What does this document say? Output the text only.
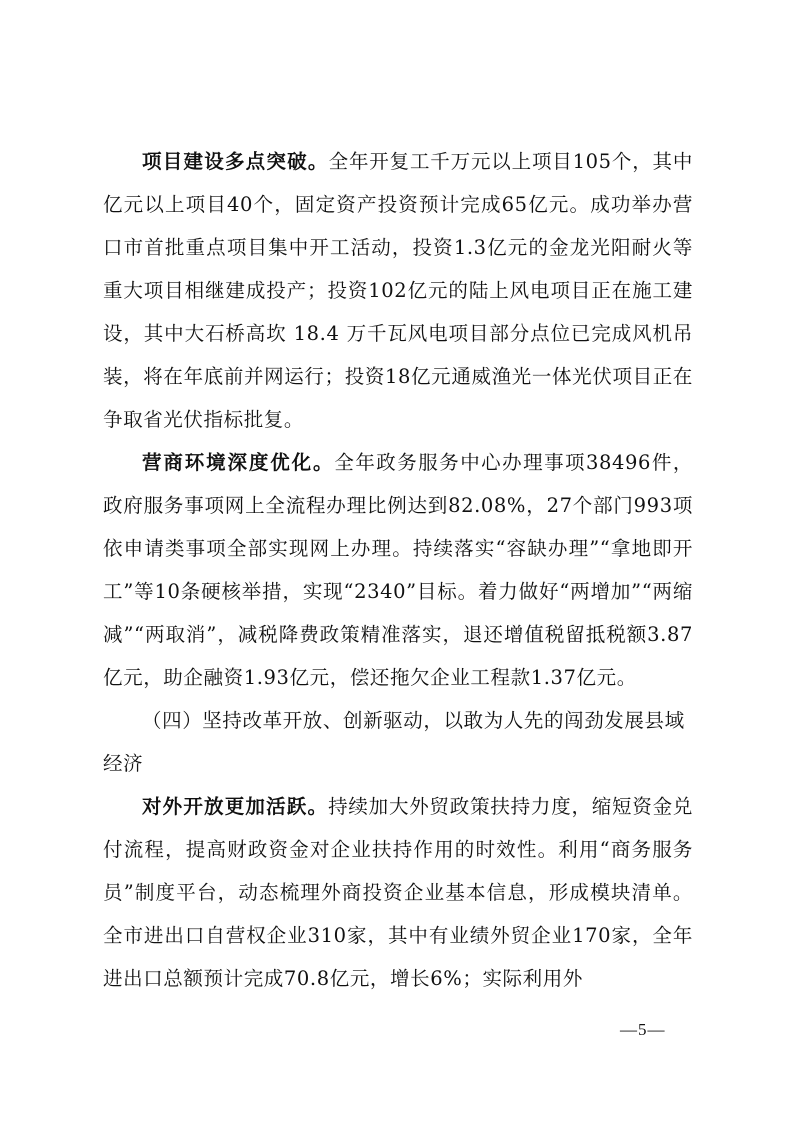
项目建设多点突破。全年开复工千万元以上项目105个，其中亿元以上项目40个，固定资产投资预计完成65亿元。成功举办营口市首批重点项目集中开工活动，投资1.3亿元的金龙光阳耐火等重大项目相继建成投产；投资102亿元的陆上风电项目正在施工建设，其中大石桥高坎 18.4 万千瓦风电项目部分点位已完成风机吊装，将在年底前并网运行；投资18亿元通威渔光一体光伏项目正在争取省光伏指标批复。

营商环境深度优化。全年政务服务中心办理事项38496件，政府服务事项网上全流程办理比例达到82.08%，27个部门993项依申请类事项全部实现网上办理。持续落实“容缺办理”“拿地即开工”等10条硬核举措，实现“2340”目标。着力做好“两增加”“两缩减”“两取消”，减税降费政策精准落实，退还增值税留抵税额3.87亿元，助企融资1.93亿元，偿还拖欠企业工程款1.37亿元。

（四）坚持改革开放、创新驱动，以敢为人先的闯劲发展县域经济

对外开放更加活跃。持续加大外贸政策扶持力度，缩短资金兑付流程，提高财政资金对企业扶持作用的时效性。利用“商务服务员”制度平台，动态梳理外商投资企业基本信息，形成模块清单。全市进出口自营权企业310家，其中有业绩外贸企业170家，全年进出口总额预计完成70.8亿元，增长6%；实际利用外

—5—
